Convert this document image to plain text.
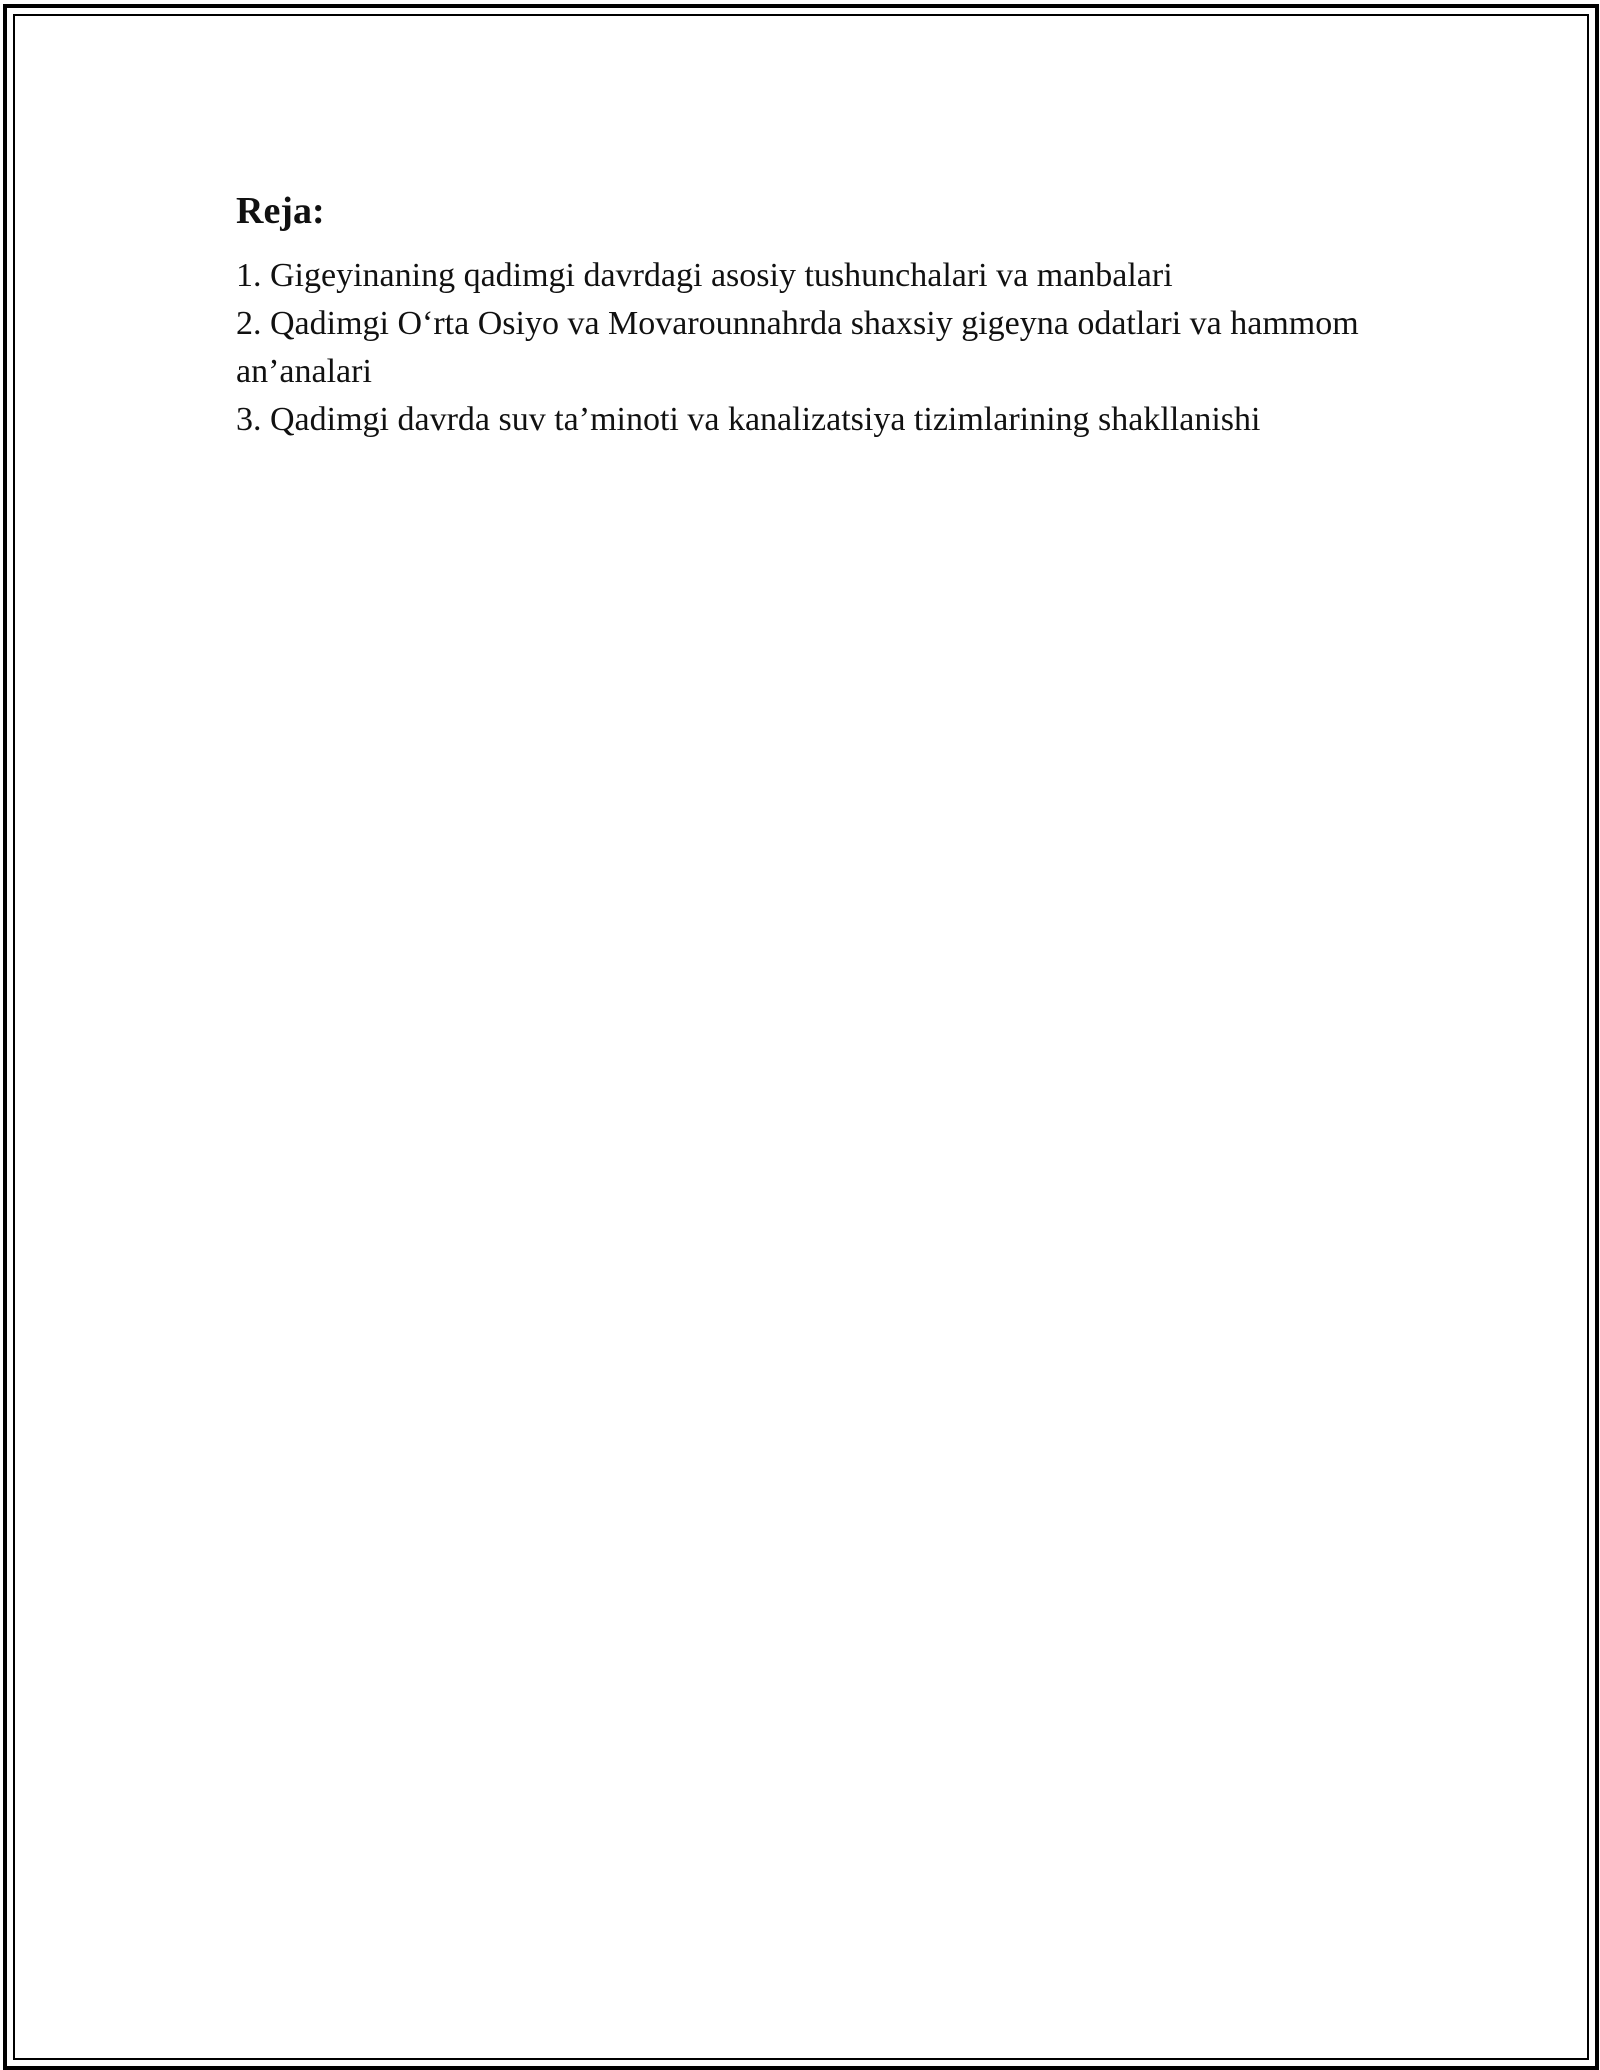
Reja:
1. Gigeyinaning qadimgi davrdagi asosiy tushunchalari va manbalari
2. Qadimgi O‘rta Osiyo va Movarounnahrda shaxsiy gigeyna odatlari va hammom an’analari
3. Qadimgi davrda suv ta’minoti va kanalizatsiya tizimlarining shakllanishi
